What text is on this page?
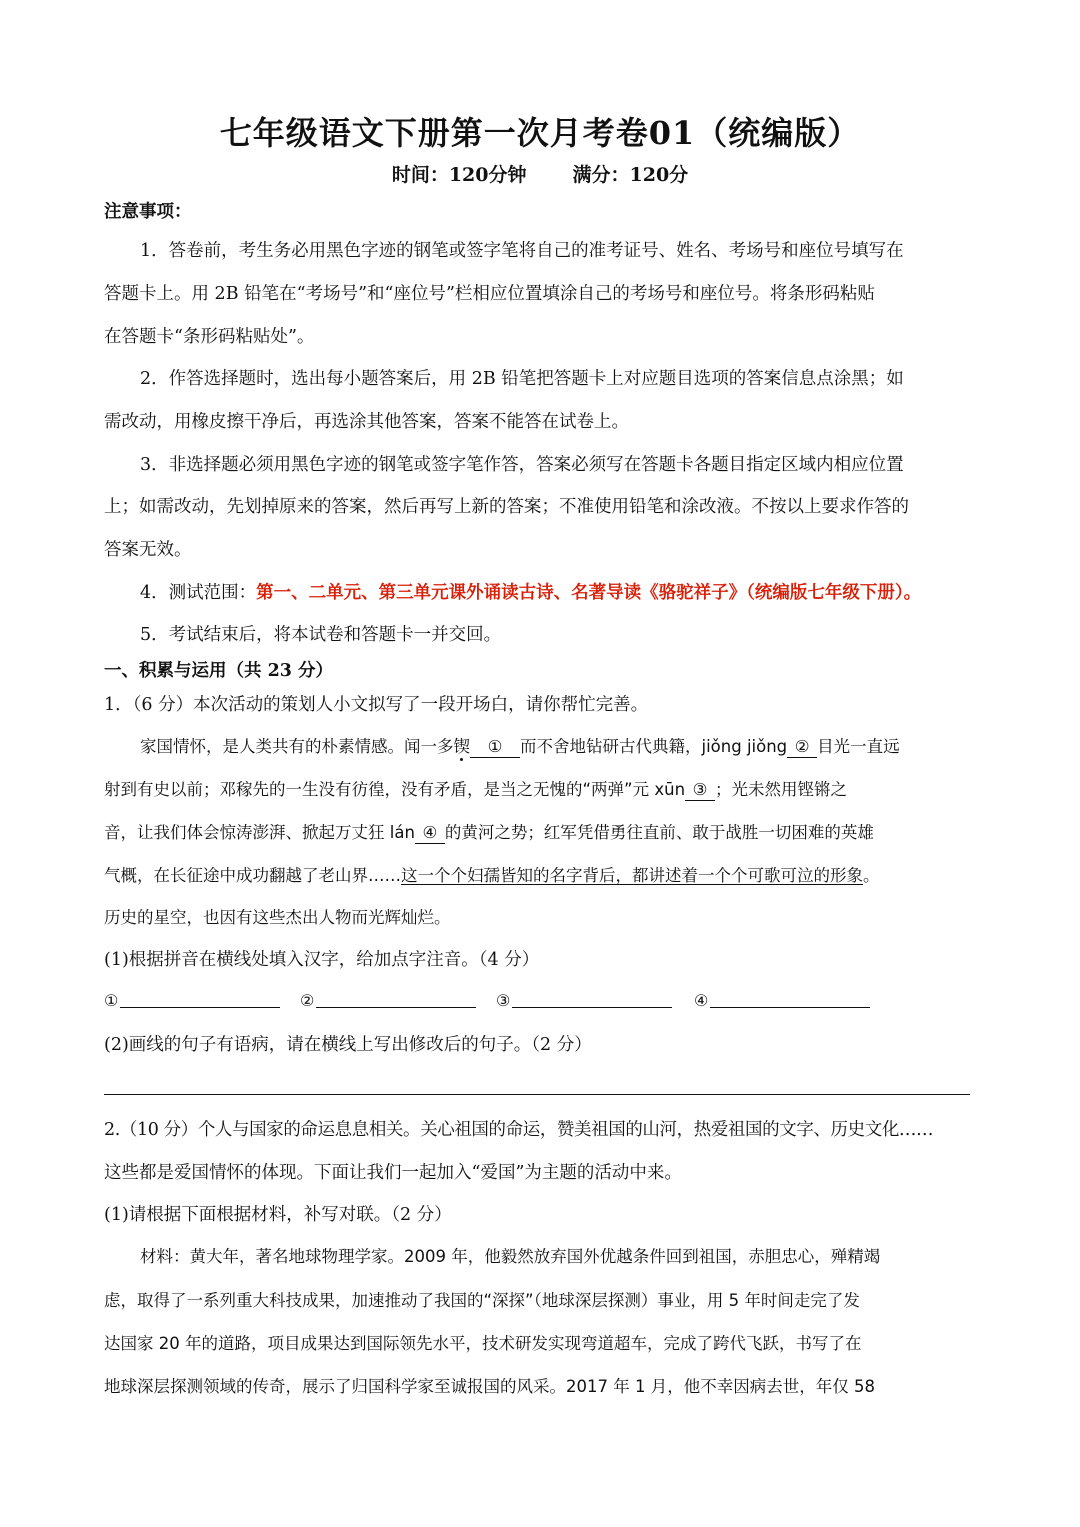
七年级语文下册第一次月考卷01（统编版）
时间：120分钟 满分：120分
注意事项：
1．答卷前，考生务必用黑色字迹的钢笔或签字笔将自己的准考证号、姓名、考场号和座位号填写在
答题卡上。用 2B 铅笔在“考场号”和“座位号”栏相应位置填涂自己的考场号和座位号。将条形码粘贴
在答题卡“条形码粘贴处”。
2．作答选择题时，选出每小题答案后，用 2B 铅笔把答题卡上对应题目选项的答案信息点涂黑；如
需改动，用橡皮擦干净后，再选涂其他答案，答案不能答在试卷上。
3．非选择题必须用黑色字迹的钢笔或签字笔作答，答案必须写在答题卡各题目指定区域内相应位置
上；如需改动，先划掉原来的答案，然后再写上新的答案；不准使用铅笔和涂改液。不按以上要求作答的
答案无效。
4．测试范围：第一、二单元、第三单元课外诵读古诗、名著导读《骆驼祥子》（统编版七年级下册）。
5．考试结束后，将本试卷和答题卡一并交回。
一、积累与运用（共 23 分）
1．（6 分）本次活动的策划人小文拟写了一段开场白，请你帮忙完善。
家国情怀，是人类共有的朴素情感。闻一多锲 ① 而不舍地钻研古代典籍，jiǒng jiǒng ② 目光一直远
射到有史以前；邓稼先的一生没有彷徨，没有矛盾，是当之无愧的“两弹”元 xūn ③ ；光未然用铿锵之
音，让我们体会惊涛澎湃、掀起万丈狂 lán ④ 的黄河之势；红军凭借勇往直前、敢于战胜一切困难的英雄
气概，在长征途中成功翻越了老山界……这一个个妇孺皆知的名字背后，都讲述着一个个可歌可泣的形象。
历史的星空，也因有这些杰出人物而光辉灿烂。
(1)根据拼音在横线处填入汉字，给加点字注音。（4 分）
①	②	③	④
(2)画线的句子有语病，请在横线上写出修改后的句子。（2 分）
2.（10 分）个人与国家的命运息息相关。关心祖国的命运，赞美祖国的山河，热爱祖国的文字、历史文化……
这些都是爱国情怀的体现。下面让我们一起加入“爱国”为主题的活动中来。
(1)请根据下面根据材料，补写对联。（2 分）
材料：黄大年，著名地球物理学家。2009 年，他毅然放弃国外优越条件回到祖国，赤胆忠心，殚精竭
虑，取得了一系列重大科技成果，加速推动了我国的“深探”（地球深层探测）事业，用 5 年时间走完了发
达国家 20 年的道路，项目成果达到国际领先水平，技术研发实现弯道超车，完成了跨代飞跃，书写了在
地球深层探测领域的传奇，展示了归国科学家至诚报国的风采。2017 年 1 月，他不幸因病去世，年仅 58
